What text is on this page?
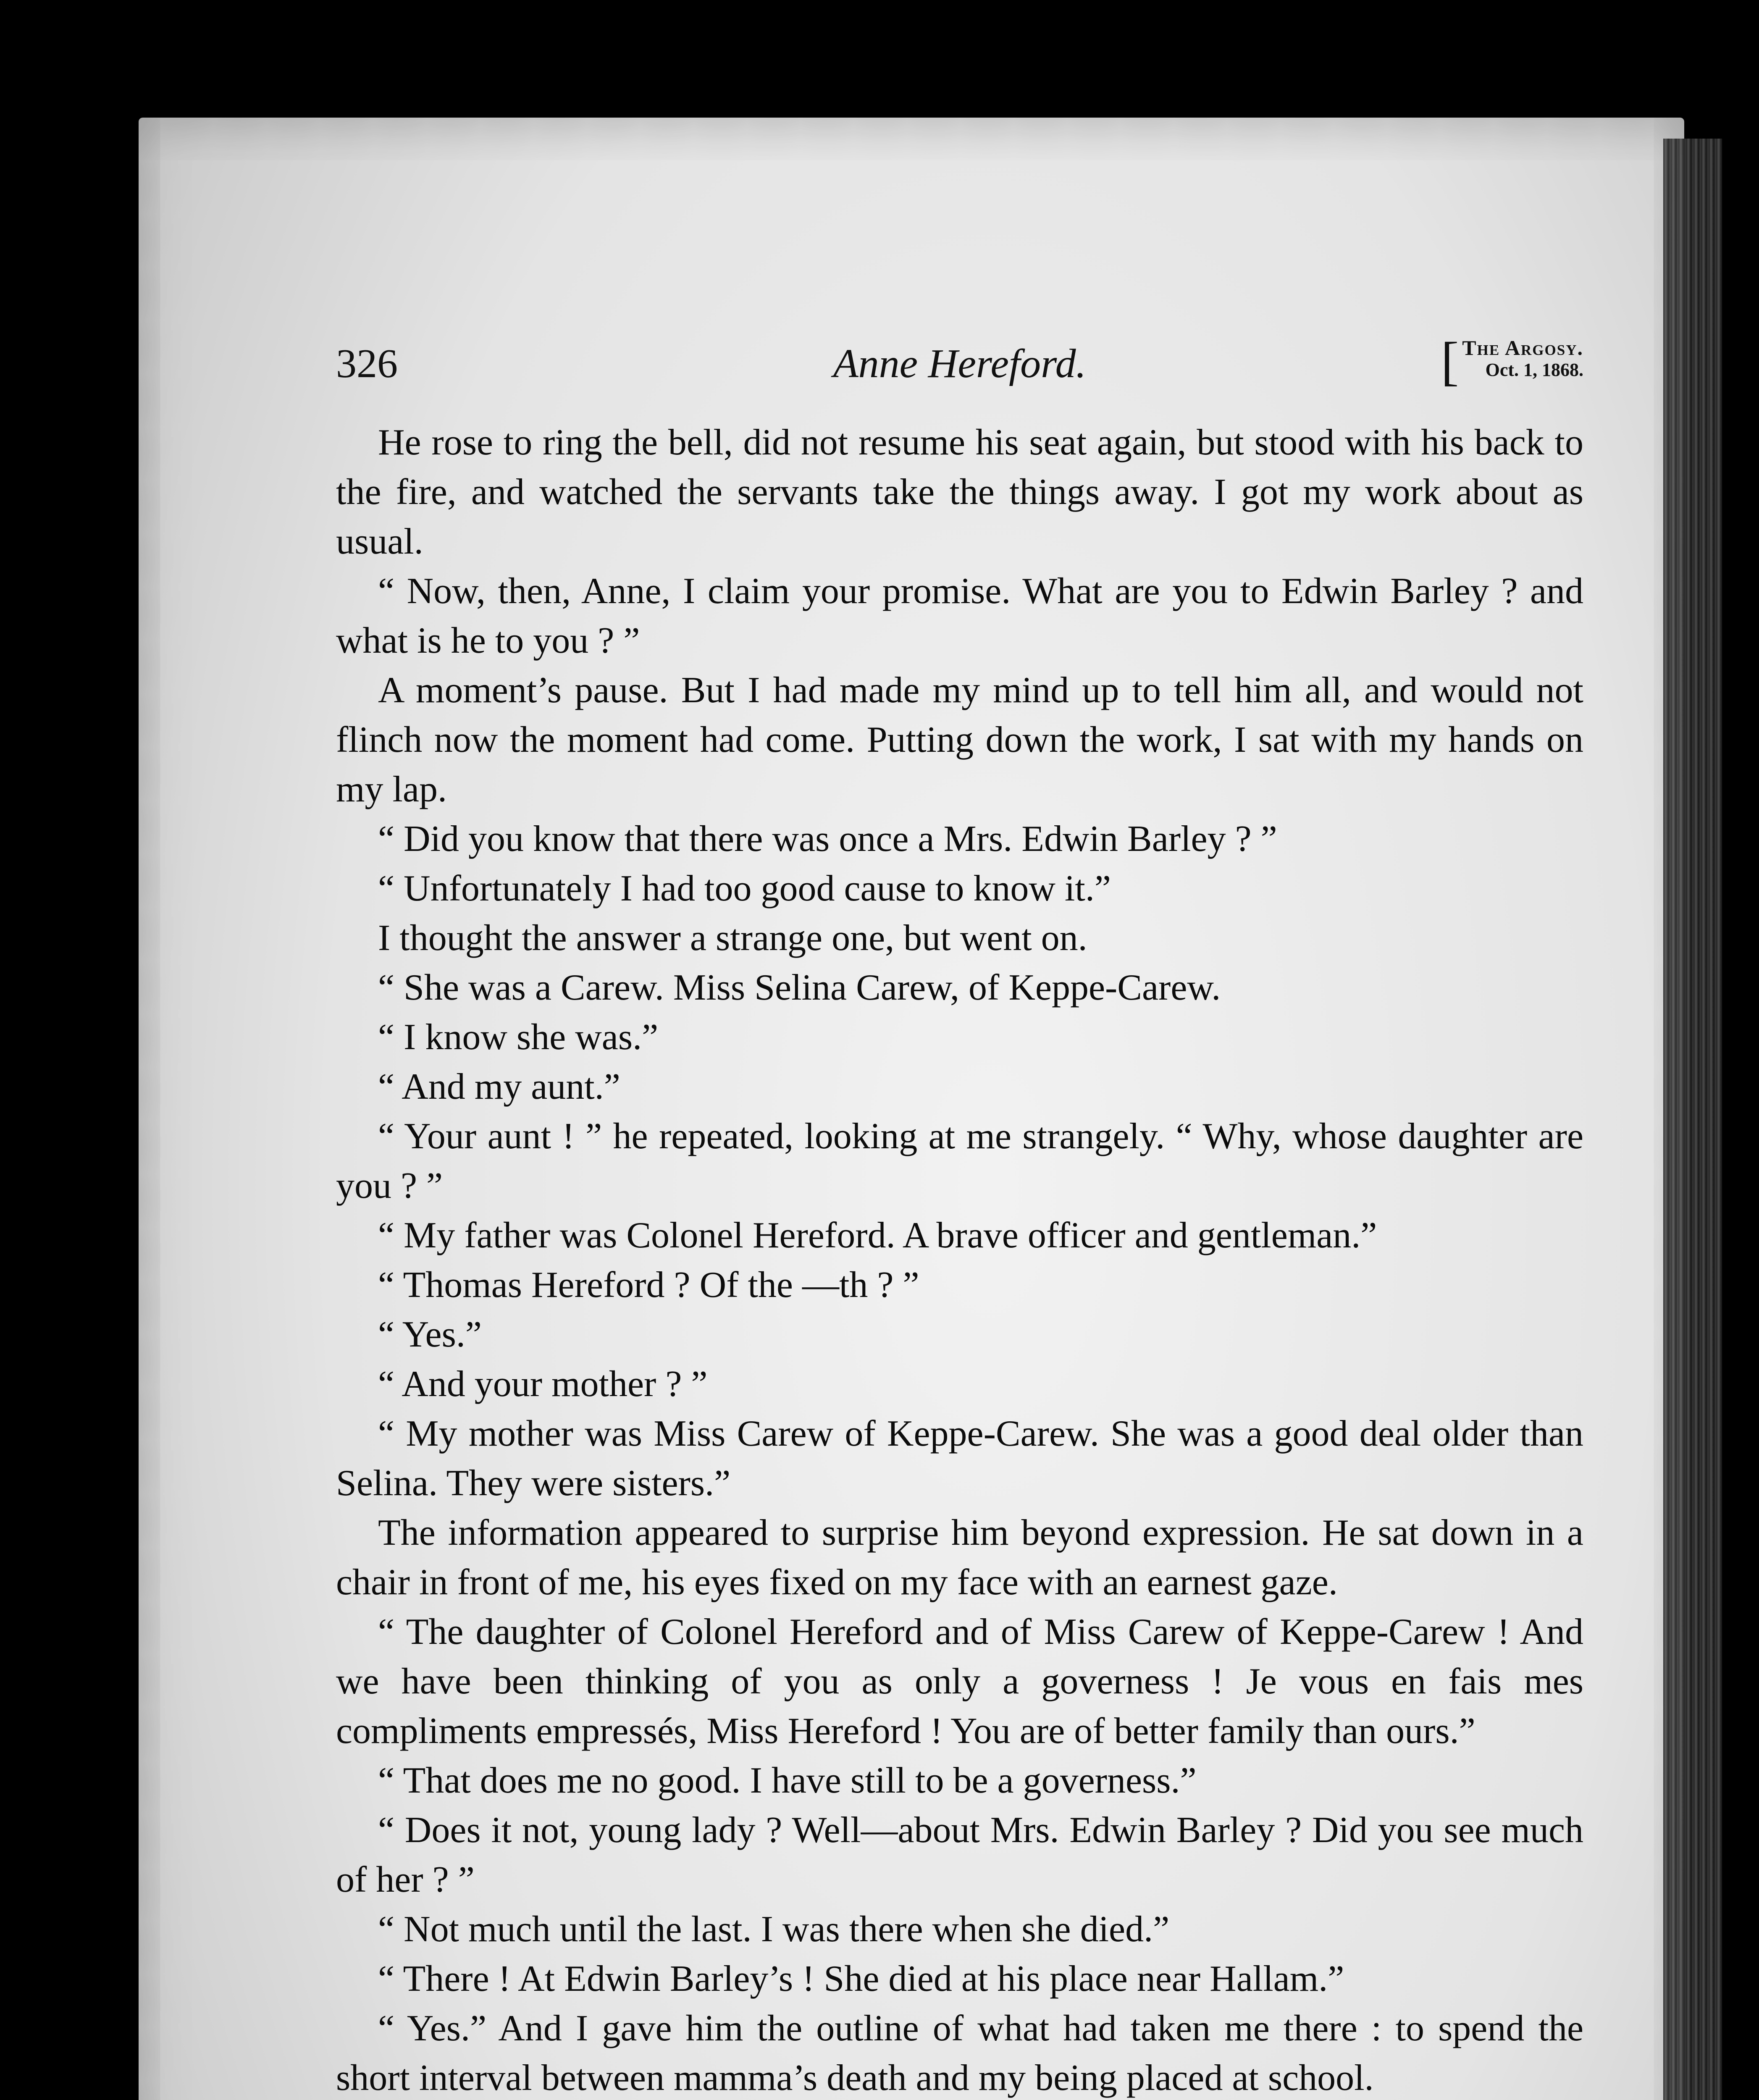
326	Anne Hereford.	[ The Argosy.
Oct. 1, 1868.

He rose to ring the bell, did not resume his seat again, but stood with his back to the fire, and watched the servants take the things away. I got my work about as usual.

“ Now, then, Anne, I claim your promise. What are you to Edwin Barley ? and what is he to you ? ”

A moment’s pause. But I had made my mind up to tell him all, and would not flinch now the moment had come. Putting down the work, I sat with my hands on my lap.

“ Did you know that there was once a Mrs. Edwin Barley ? ”

“ Unfortunately I had too good cause to know it.”

I thought the answer a strange one, but went on.

“ She was a Carew. Miss Selina Carew, of Keppe-Carew.

“ I know she was.”

“ And my aunt.”

“ Your aunt ! ” he repeated, looking at me strangely. “ Why, whose daughter are you ? ”

“ My father was Colonel Hereford. A brave officer and gentleman.”

“ Thomas Hereford ? Of the —th ? ”

“ Yes.”

“ And your mother ? ”

“ My mother was Miss Carew of Keppe-Carew. She was a good deal older than Selina. They were sisters.”

The information appeared to surprise him beyond expression. He sat down in a chair in front of me, his eyes fixed on my face with an earnest gaze.

“ The daughter of Colonel Hereford and of Miss Carew of Keppe-Carew ! And we have been thinking of you as only a governess ! Je vous en fais mes compliments empressés, Miss Hereford ! You are of better family than ours.”

“ That does me no good. I have still to be a governess.”

“ Does it not, young lady ? Well—about Mrs. Edwin Barley ? Did you see much of her ? ”

“ Not much until the last. I was there when she died.”

“ There ! At Edwin Barley’s ! She died at his place near Hallam.”

“ Yes.” And I gave him the outline of what had taken me there : to spend the short interval between mamma’s death and my being placed at school.
